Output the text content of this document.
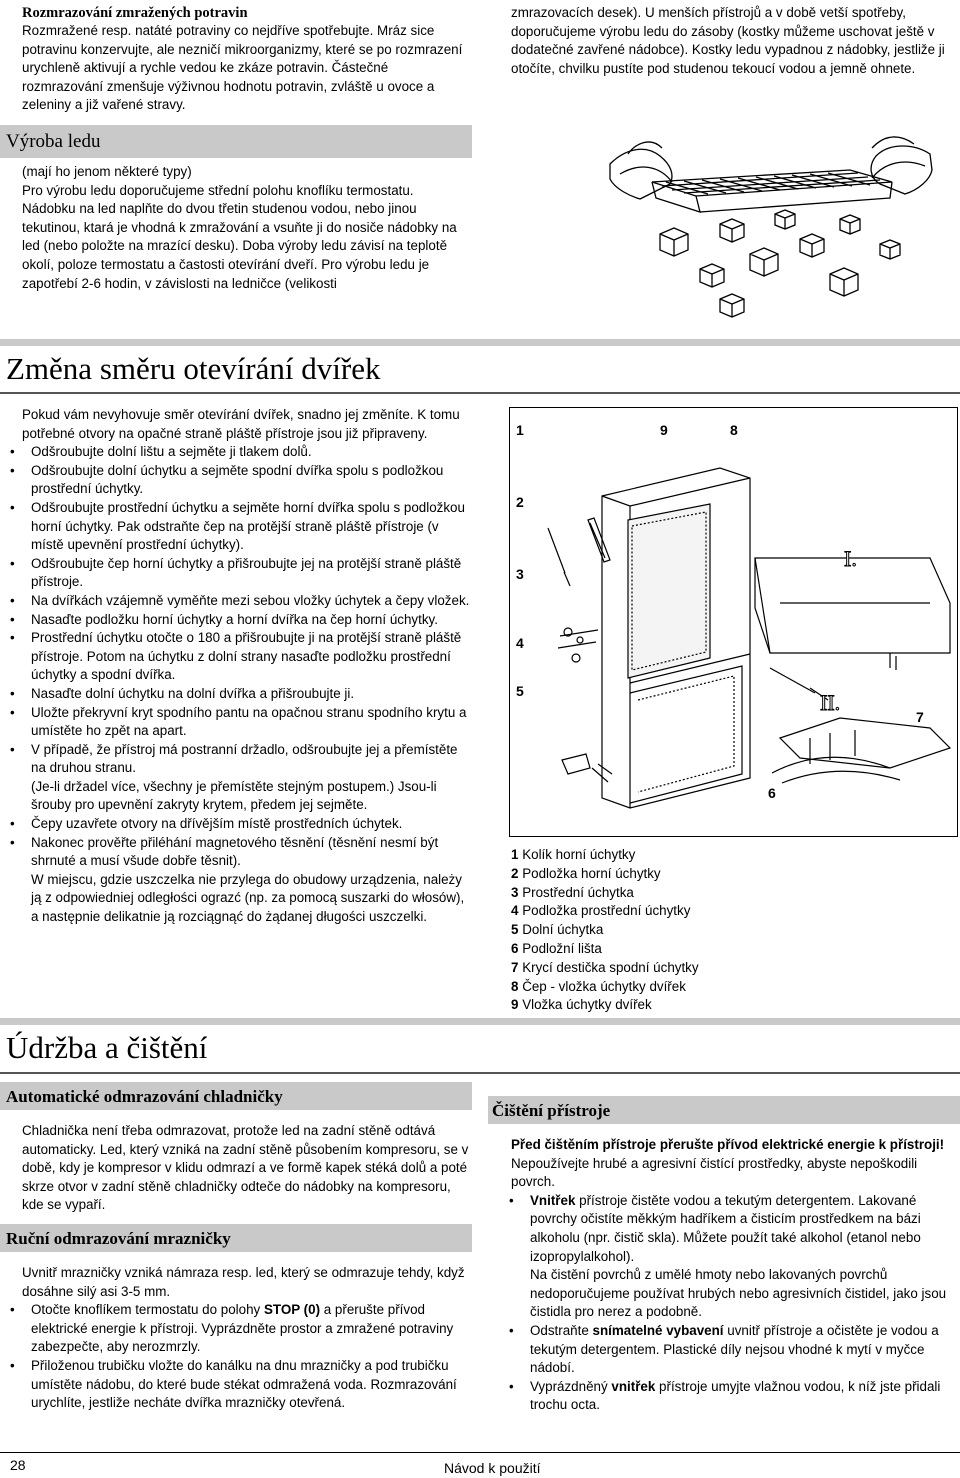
Rozmrazování zmražených potravin
Rozmražené resp. natáté potraviny co nejdříve spotřebujte. Mráz sice potravinu konzervujte, ale nezničí mikroorganizmy, které se po rozmrazení urychleně aktivují a rychle vedou ke zkáze potravin. Částečné rozmrazování zmenšuje výživnou hodnotu potravin, zvláště u ovoce a zeleniny a již vařené stravy.
Výroba ledu
(mají ho jenom některé typy)
Pro výrobu ledu doporučujeme střední polohu knoflíku termostatu. Nádobku na led naplňte do dvou třetin studenou vodou, nebo jinou tekutinou, ktará je vhodná k zmražování a vsuňte ji do nosiče nádobky na led (nebo položte na mrazící desku). Doba výroby ledu závisí na teplotě okolí, poloze termostatu a častosti otevírání dveří. Pro výrobu ledu je zapotřebí 2-6 hodin, v závislosti na ledničce (velikosti
zmrazovacích desek). U menších přístrojů a v době vetší spotřeby, doporučujeme výrobu ledu do zásoby (kostky můžeme uschovat ještě v dodatečné zavřené nádobce). Kostky ledu vypadnou z nádobky, jestliže ji otočíte, chvilku pustíte pod studenou tekoucí vodou a jemně ohnete.
Změna směru otevírání dvířek
Pokud vám nevyhovuje směr otevírání dvířek, snadno jej změníte. K tomu potřebné otvory na opačné straně pláště přístroje jsou již připraveny.
• Odšroubujte dolní lištu a sejměte ji tlakem dolů.
• Odšroubujte dolní úchytku a sejměte spodní dvířka spolu s podložkou prostřední úchytky.
• Odšroubujte prostřední úchytku a sejměte horní dvířka spolu s podložkou horní úchytky. Pak odstraňte čep na protější straně pláště přístroje (v místě upevnění prostřední úchytky).
• Odšroubujte čep horní úchytky a přišroubujte jej na protější straně pláště přístroje.
• Na dvířkách vzájemně vyměňte mezi sebou vložky úchytek a čepy vložek.
• Nasaďte podložku horní úchytky a horní dvířka na čep horní úchytky.
• Prostřední úchytku otočte o 180 a přišroubujte ji na protější straně pláště přístroje. Potom na úchytku z dolní strany nasaďte podložku prostřední úchytky a spodní dvířka.
• Nasaďte dolní úchytku na dolní dvířka a přišroubujte ji.
• Uložte překryvní kryt spodního pantu na opačnou stranu spodního krytu a umístěte ho zpět na apart.
• V případě, že přístroj má postranní držadlo, odšroubujte jej a přemístěte na druhou stranu.
(Je-li držadel více, všechny je přemístěte stejným postupem.) Jsou-li šrouby pro upevnění zakryty krytem, předem jej sejměte.
• Čepy uzavřete otvory na dřívějším místě prostředních úchytek.
• Nakonec prověřte přiléhání magnetového těsnění (těsnění nesmí být shrnuté a musí všude dobře těsnit).
W miejscu, gdzie uszczelka nie przylega do obudowy urządzenia, należy ją z odpowiedniej odległości ograzć (np. za pomocą suszarki do włosów), a następnie delikatnie ją rozciągnąć do żądanej długości uszczelki.
1	9	8
2
3
4
5
7
6
I.
II.
1 Kolík horní úchytky
2 Podložka horní úchytky
3 Prostřední úchytka
4 Podložka prostřední úchytky
5 Dolní úchytka
6 Podložní lišta
7 Krycí destička spodní úchytky
8 Čep - vložka úchytky dvířek
9 Vložka úchytky dvířek
Údržba a čištění
Automatické odmrazování chladničky
Chladnička není třeba odmrazovat, protože led na zadní stěně odtává automaticky. Led, který vzniká na zadní stěně působením kompresoru, se v době, kdy je kompresor v klidu odmrazí a ve formě kapek stéká dolů a poté skrze otvor v zadní stěně chladničky odteče do nádobky na kompresoru, kde se vypaří.
Ruční odmrazování mrazničky
Uvnitř mrazničky vzniká námraza resp. led, který se odmrazuje tehdy, když dosáhne silý asi 3-5 mm.
• Otočte knoflíkem termostatu do polohy STOP (0) a přerušte přívod elektrické energie k přístroji. Vyprázdněte prostor a zmražené potraviny zabezpečte, aby nerozmrzly.
• Přiloženou trubičku vložte do kanálku na dnu mrazničky a pod trubičku umístěte nádobu, do které bude stékat odmražená voda. Rozmrazování urychlíte, jestliže necháte dvířka mrazničky otevřená.
Čištění přístroje
Před čištěním přístroje přerušte přívod elektrické energie k přístroji! Nepoužívejte hrubé a agresivní čistící prostředky, abyste nepoškodili povrch.
• Vnitřek přístroje čistěte vodou a tekutým detergentem. Lakované povrchy očistíte měkkým hadříkem a čisticím prostředkem na bázi alkoholu (npr. čistič skla). Můžete použít také alkohol (etanol nebo izopropylalkohol).
Na čistění povrchů z umělé hmoty nebo lakovaných povrchů nedoporučujeme používat hrubých nebo agresivních čistidel, jako jsou čistidla pro nerez a podobně.
• Odstraňte snímatelné vybavení uvnitř přístroje a očistěte je vodou a tekutým detergentem. Plastické díly nejsou vhodné k mytí v myčce nádobí.
• Vyprázdněný vnitřek přístroje umyjte vlažnou vodou, k níž jste přidali trochu octa.
28	Návod k použití
